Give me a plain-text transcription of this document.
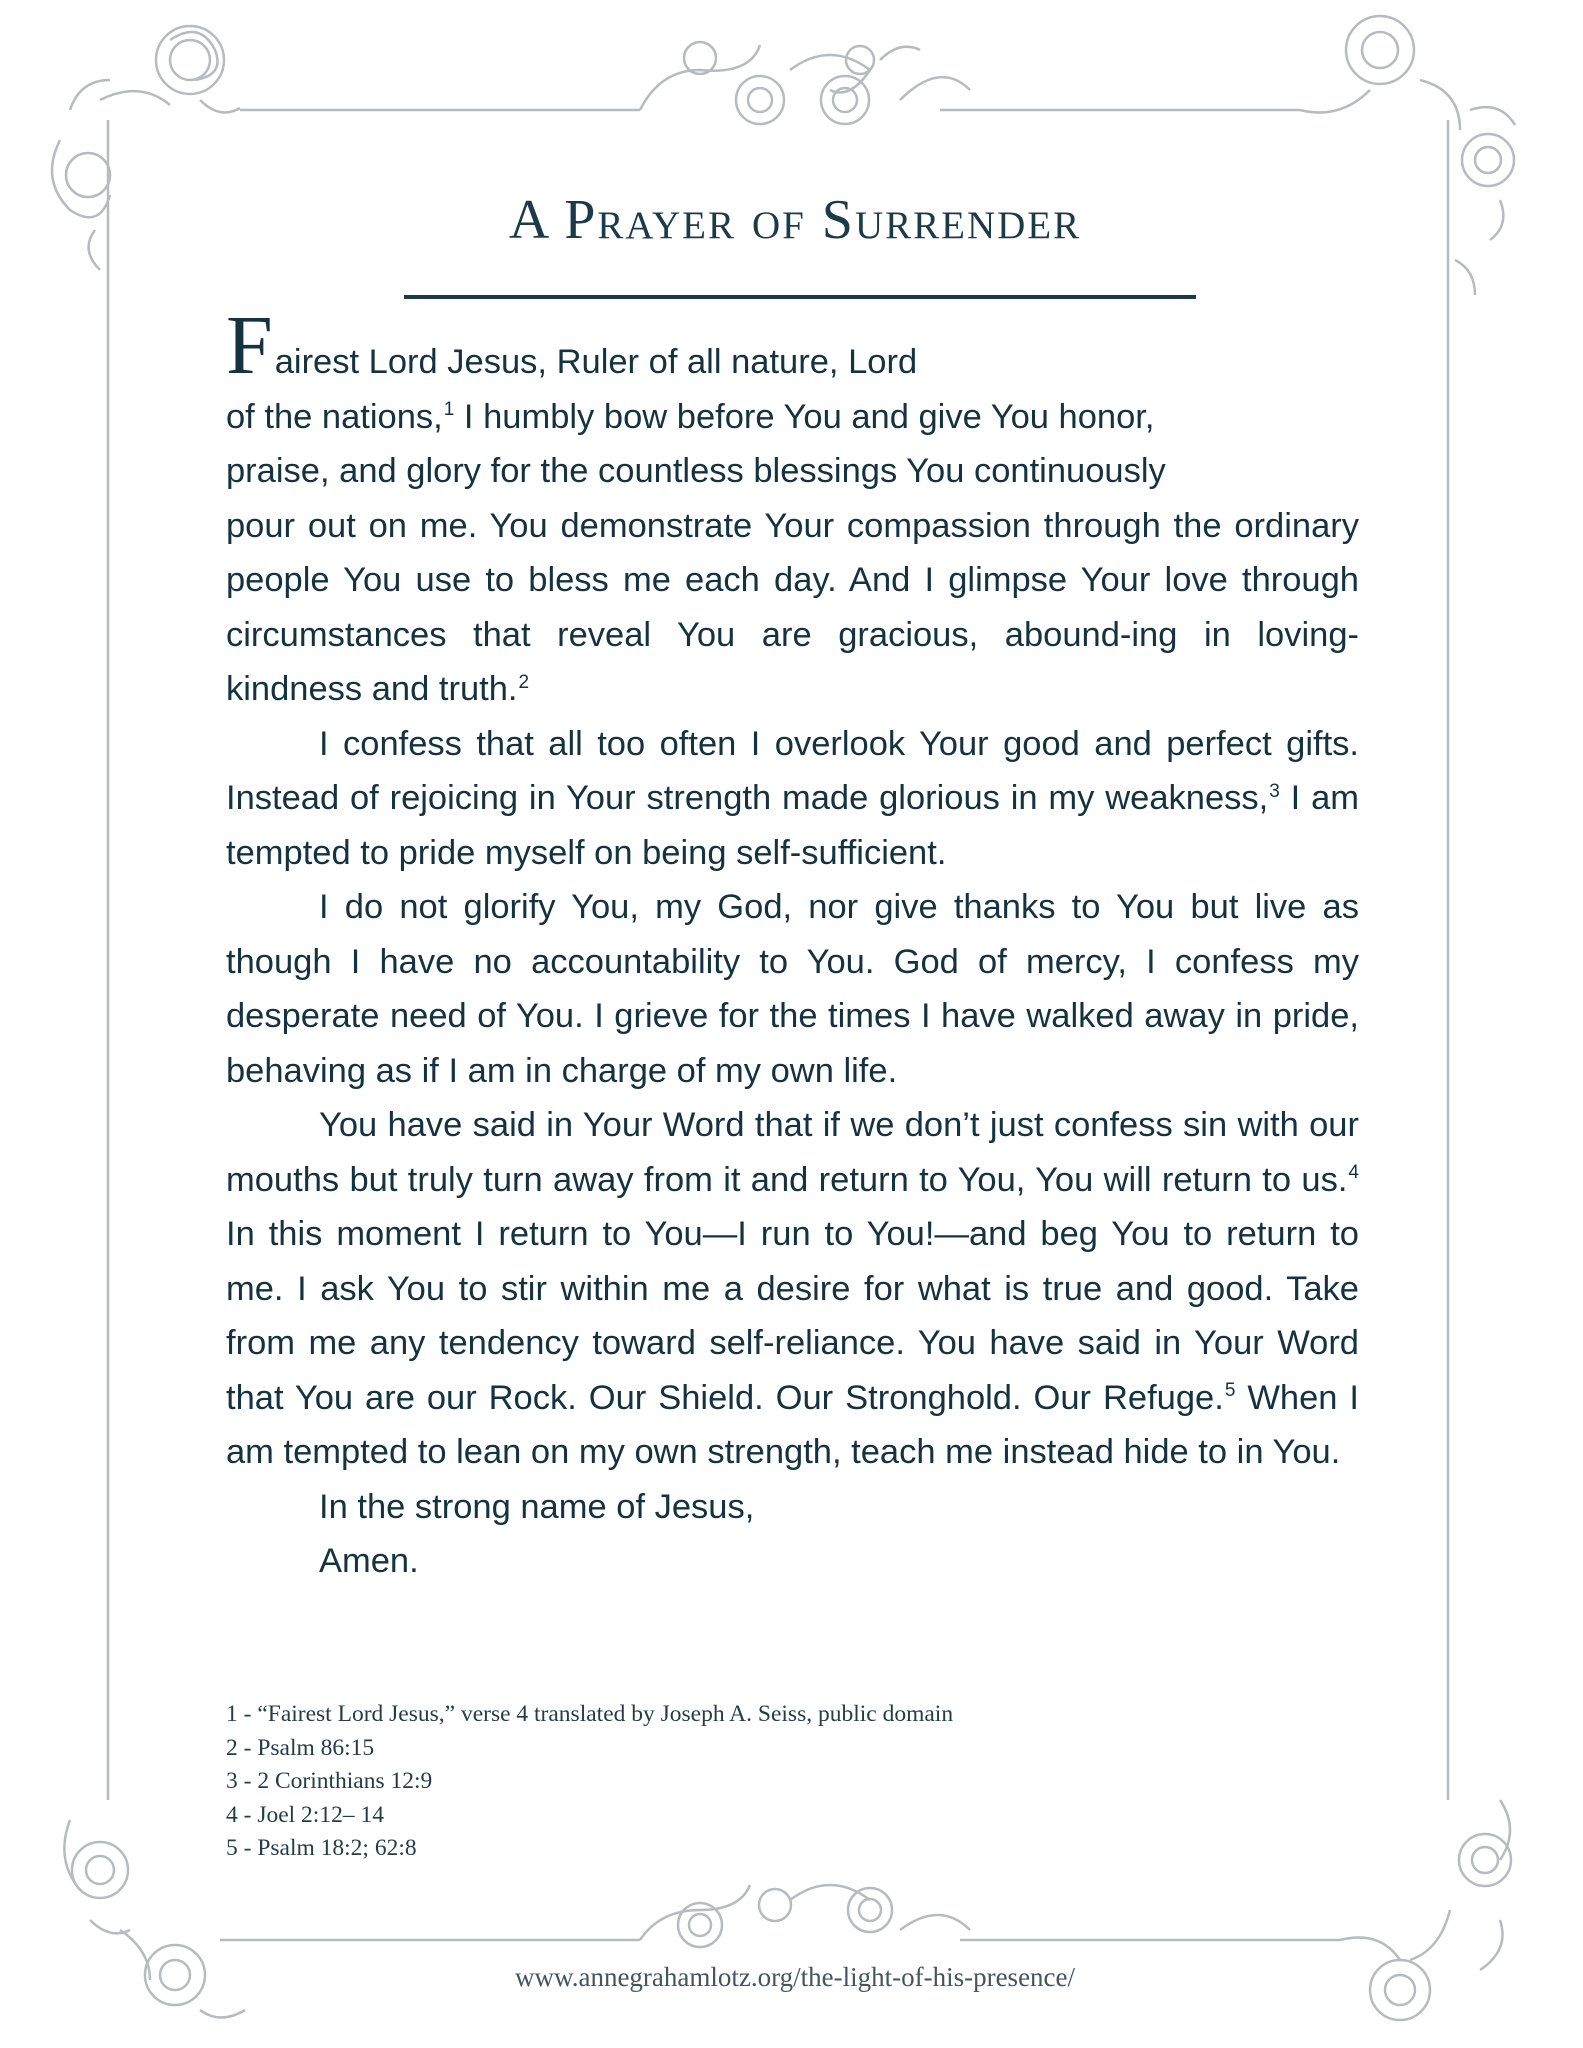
A Prayer of Surrender

Fairest Lord Jesus, Ruler of all nature, Lord
of the nations,$^1$ I humbly bow before You and give You honor,
praise, and glory for the countless blessings You continuously
pour out on me. You demonstrate Your compassion through the ordinary people You use to bless me each day. And I glimpse Your love through circumstances that reveal You are gracious, abound-ing in loving-kindness and truth.$^2$

I confess that all too often I overlook Your good and perfect gifts. Instead of rejoicing in Your strength made glorious in my weakness,$^3$ I am tempted to pride myself on being self-sufficient.

I do not glorify You, my God, nor give thanks to You but live as though I have no accountability to You. God of mercy, I confess my desperate need of You. I grieve for the times I have walked away in pride, behaving as if I am in charge of my own life.

You have said in Your Word that if we don’t just confess sin with our mouths but truly turn away from it and return to You, You will return to us.$^4$ In this moment I return to You—I run to You!—and beg You to return to me. I ask You to stir within me a desire for what is true and good. Take from me any tendency toward self-reliance. You have said in Your Word that You are our Rock. Our Shield. Our Stronghold. Our Refuge.$^5$ When I am tempted to lean on my own strength, teach me instead hide to in You.

In the strong name of Jesus,

Amen.

1 - “Fairest Lord Jesus,” verse 4 translated by Joseph A. Seiss, public domain
2 - Psalm 86:15
3 - 2 Corinthians 12:9
4 - Joel 2:12– 14
5 - Psalm 18:2; 62:8
www.annegrahamlotz.org/the-light-of-his-presence/
